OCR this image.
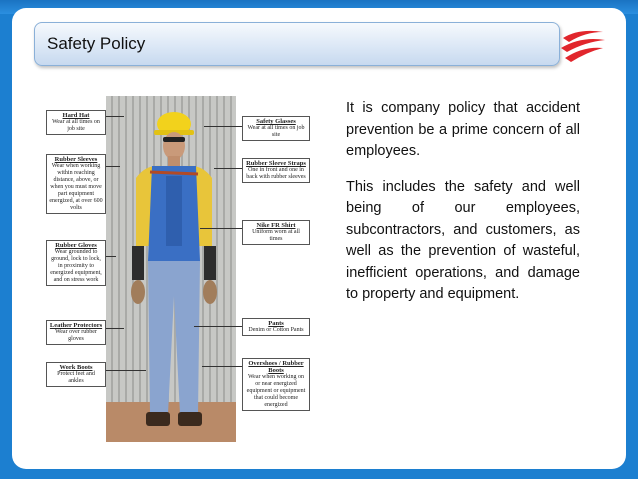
Safety Policy
Hard Hat
Wear at all times on job site
Rubber Sleeves
Wear when working within reaching distance, above, or when you must move part equipment energized, at over 600 volts
Rubber Gloves
Wear grounded to ground, lock to lock, in proximity to energized equipment, and on stress work
Leather Protectors
Wear over rubber gloves
Work Boots
Protect feet and ankles
Safety Glasses
Wear at all times on job site
Rubber Sleeve Straps
One in front and one in back with rubber sleeves
Nike FR Shirt
Uniform worn at all times
Pants
Denim or Cotton Pants
Overshoes / Rubber Boots
Wear when working on or near energized equipment or equipment that could become energized

It is company policy that accident prevention be a prime concern of all employees.

This includes the safety and well being of our employees, subcontractors, and customers, as well as the prevention of wasteful, inefficient operations, and damage to property and equipment.
